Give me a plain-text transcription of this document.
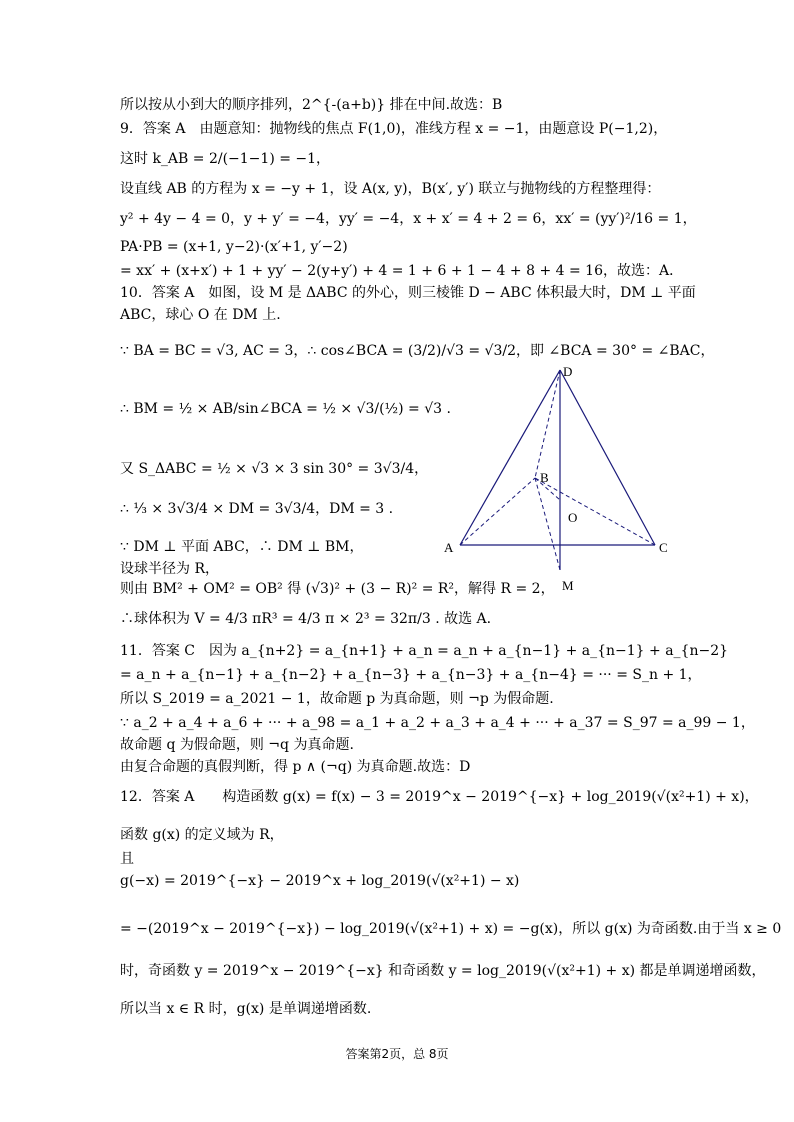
所以按从小到大的顺序排列，2^{-(a+b)} 排在中间.故选：B
9．答案 A　由题意知：抛物线的焦点 F(1,0)，准线方程 x = −1，由题意设 P(−1,2)，
这时 k_AB = 2/(−1−1) = −1，
设直线 AB 的方程为 x = −y + 1，设 A(x, y)，B(x′, y′) 联立与抛物线的方程整理得：
y² + 4y − 4 = 0，y + y′ = −4，yy′ = −4，x + x′ = 4 + 2 = 6，xx′ = (yy′)²/16 = 1，
PA·PB = (x+1, y−2)·(x′+1, y′−2)
= xx′ + (x+x′) + 1 + yy′ − 2(y+y′) + 4 = 1 + 6 + 1 − 4 + 8 + 4 = 16，故选：A．
10．答案 A　如图，设 M 是 ΔABC 的外心，则三棱锥 D − ABC 体积最大时，DM ⊥ 平面
ABC，球心 O 在 DM 上.
∵ BA = BC = √3, AC = 3，∴ cos∠BCA = (3/2)/√3 = √3/2，即 ∠BCA = 30° = ∠BAC，
∴ BM = ½ × AB/sin∠BCA = ½ × √3/(½) = √3 .
又 S_ΔABC = ½ × √3 × 3 sin 30° = 3√3/4，
∴ ⅓ × 3√3/4 × DM = 3√3/4，DM = 3 .
∵ DM ⊥ 平面 ABC，∴ DM ⊥ BM，
设球半径为 R，
则由 BM² + OM² = OB² 得 (√3)² + (3 − R)² = R²，解得 R = 2，
∴球体积为 V = 4/3 πR³ = 4/3 π × 2³ = 32π/3 . 故选 A.
11．答案 C　因为 a_{n+2} = a_{n+1} + a_n = a_n + a_{n−1} + a_{n−1} + a_{n−2}
= a_n + a_{n−1} + a_{n−2} + a_{n−3} + a_{n−3} + a_{n−4} = ··· = S_n + 1，
所以 S_2019 = a_2021 − 1，故命题 p 为真命题，则 ¬p 为假命题.
∵ a_2 + a_4 + a_6 + ··· + a_98 = a_1 + a_2 + a_3 + a_4 + ··· + a_37 = S_97 = a_99 − 1，
故命题 q 为假命题，则 ¬q 为真命题.
由复合命题的真假判断，得 p ∧ (¬q) 为真命题.故选：D
12．答案 A　　构造函数 g(x) = f(x) − 3 = 2019^x − 2019^{−x} + log_2019(√(x²+1) + x)，
函数 g(x) 的定义域为 R，
且
g(−x) = 2019^{−x} − 2019^x + log_2019(√(x²+1) − x)
= −(2019^x − 2019^{−x}) − log_2019(√(x²+1) + x) = −g(x)，所以 g(x) 为奇函数.由于当 x ≥ 0
时，奇函数 y = 2019^x − 2019^{−x} 和奇函数 y = log_2019(√(x²+1) + x) 都是单调递增函数，
所以当 x ∈ R 时，g(x) 是单调递增函数.
D
B
O
A	C
M
答案第2页，总 8页
